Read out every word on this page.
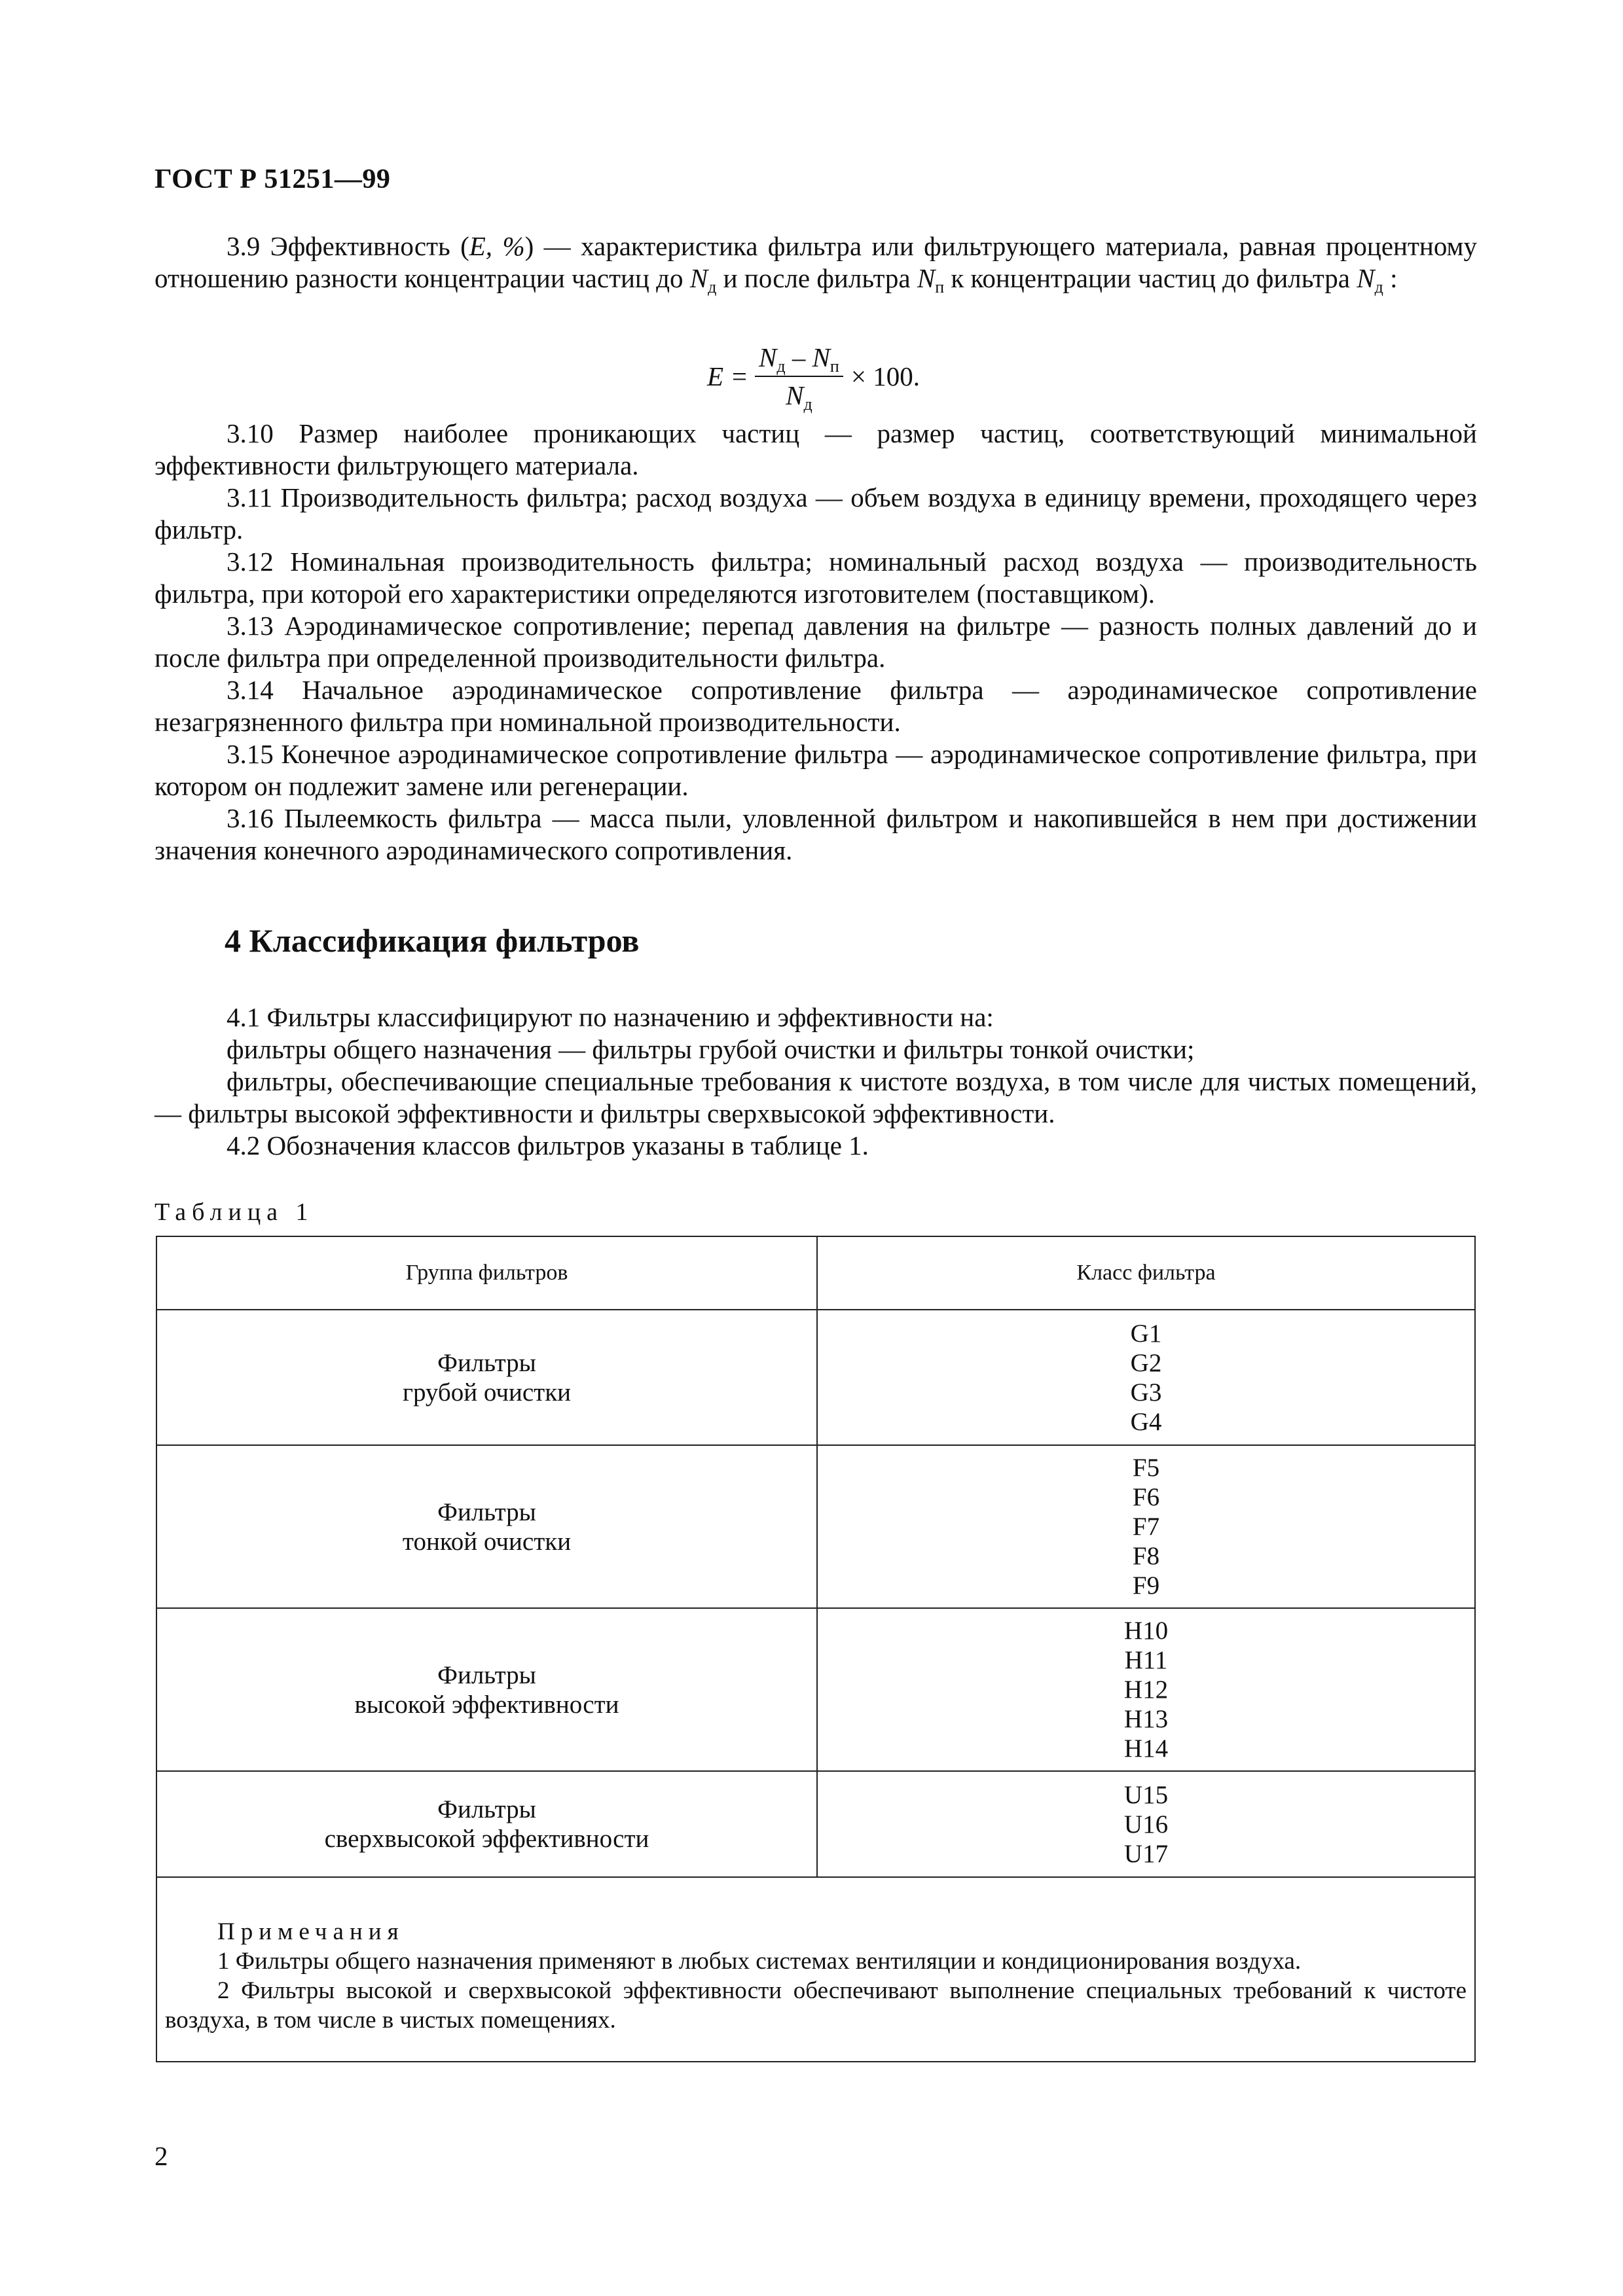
ГОСТ Р 51251—99

3.9 Эффективность (E, %) — характеристика фильтра или фильтрующего материала, равная процентному отношению разности концентрации частиц до $N_д$ и после фильтра $N_п$ к концентрации частиц до фильтра $N_д$ :

$E = \frac{N_д - N_п}{N_д} \times 100$.

3.10 Размер наиболее проникающих частиц — размер частиц, соответствующий минимальной эффективности фильтрующего материала.

3.11 Производительность фильтра; расход воздуха — объем воздуха в единицу времени, проходящего через фильтр.

3.12 Номинальная производительность фильтра; номинальный расход воздуха — производительность фильтра, при которой его характеристики определяются изготовителем (поставщиком).

3.13 Аэродинамическое сопротивление; перепад давления на фильтре — разность полных давлений до и после фильтра при определенной производительности фильтра.

3.14 Начальное аэродинамическое сопротивление фильтра — аэродинамическое сопротивление незагрязненного фильтра при номинальной производительности.

3.15 Конечное аэродинамическое сопротивление фильтра — аэродинамическое сопротивление фильтра, при котором он подлежит замене или регенерации.

3.16 Пылеемкость фильтра — масса пыли, уловленной фильтром и накопившейся в нем при достижении значения конечного аэродинамического сопротивления.

4 Классификация фильтров

4.1 Фильтры классифицируют по назначению и эффективности на:

фильтры общего назначения — фильтры грубой очистки и фильтры тонкой очистки;

фильтры, обеспечивающие специальные требования к чистоте воздуха, в том числе для чистых помещений, — фильтры высокой эффективности и фильтры сверхвысокой эффективности.

4.2 Обозначения классов фильтров указаны в таблице 1.

Таблица 1
Группа фильтров	Класс фильтра
Фильтры
грубой очистки
G1
G2
G3
G4
Фильтры
тонкой очистки
F5
F6
F7
F8
F9
Фильтры
высокой эффективности
H10
H11
H12
H13
H14
Фильтры
сверхвысокой эффективности
U15
U16
U17
Примечания
1 Фильтры общего назначения применяют в любых системах вентиляции и кондиционирования воздуха.
2 Фильтры высокой и сверхвысокой эффективности обеспечивают выполнение специальных требований к чистоте воздуха, в том числе в чистых помещениях.
2
